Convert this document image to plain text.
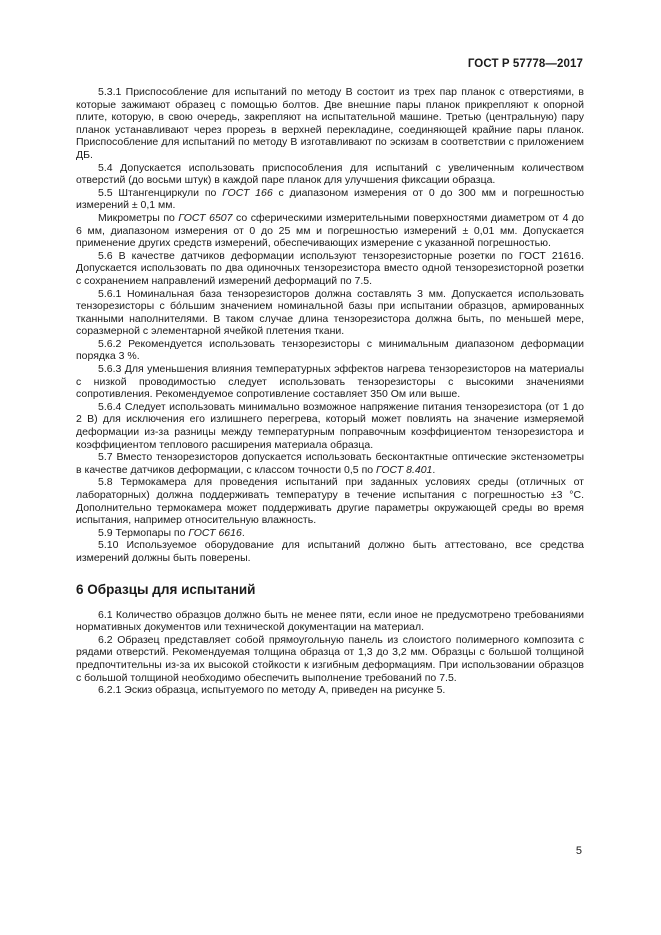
ГОСТ Р 57778—2017

5.3.1 Приспособление для испытаний по методу В состоит из трех пар планок с отверстиями, в которые зажимают образец с помощью болтов. Две внешние пары планок прикрепляют к опорной плите, которую, в свою очередь, закрепляют на испытательной машине. Третью (центральную) пару планок устанавливают через прорезь в верхней перекладине, соединяющей крайние пары планок. Приспособление для испытаний по методу В изготавливают по эскизам в соответствии с приложением ДБ.

5.4 Допускается использовать приспособления для испытаний с увеличенным количеством отверстий (до восьми штук) в каждой паре планок для улучшения фиксации образца.

5.5 Штангенциркули по ГОСТ 166 с диапазоном измерения от 0 до 300 мм и погрешностью измерений ± 0,1 мм.

Микрометры по ГОСТ 6507 со сферическими измерительными поверхностями диаметром от 4 до 6 мм, диапазоном измерения от 0 до 25 мм и погрешностью измерений ± 0,01 мм. Допускается применение других средств измерений, обеспечивающих измерение с указанной погрешностью.

5.6 В качестве датчиков деформации используют тензорезисторные розетки по ГОСТ 21616. Допускается использовать по два одиночных тензорезистора вместо одной тензорезисторной розетки с сохранением направлений измерений деформаций по 7.5.

5.6.1 Номинальная база тензорезисторов должна составлять 3 мм. Допускается использовать тензорезисторы с бо́льшим значением номинальной базы при испытании образцов, армированных тканными наполнителями. В таком случае длина тензорезистора должна быть, по меньшей мере, соразмерной с элементарной ячейкой плетения ткани.

5.6.2 Рекомендуется использовать тензорезисторы с минимальным диапазоном деформации порядка 3 %.

5.6.3 Для уменьшения влияния температурных эффектов нагрева тензорезисторов на материалы с низкой проводимостью следует использовать тензорезисторы с высокими значениями сопротивления. Рекомендуемое сопротивление составляет 350 Ом или выше.

5.6.4 Следует использовать минимально возможное напряжение питания тензорезистора (от 1 до 2 В) для исключения его излишнего перегрева, который может повлиять на значение измеряемой деформации из-за разницы между температурным поправочным коэффициентом тензорезистора и коэффициентом теплового расширения материала образца.

5.7 Вместо тензорезисторов допускается использовать бесконтактные оптические экстензометры в качестве датчиков деформации, с классом точности 0,5 по ГОСТ 8.401.

5.8 Термокамера для проведения испытаний при заданных условиях среды (отличных от лабораторных) должна поддерживать температуру в течение испытания с погрешностью ±3 °С. Дополнительно термокамера может поддерживать другие параметры окружающей среды во время испытания, например относительную влажность.

5.9 Термопары по ГОСТ 6616.

5.10 Используемое оборудование для испытаний должно быть аттестовано, все средства измерений должны быть поверены.

6 Образцы для испытаний

6.1 Количество образцов должно быть не менее пяти, если иное не предусмотрено требованиями нормативных документов или технической документации на материал.

6.2 Образец представляет собой прямоугольную панель из слоистого полимерного композита с рядами отверстий. Рекомендуемая толщина образца от 1,3 до 3,2 мм. Образцы с большой толщиной предпочтительны из-за их высокой стойкости к изгибным деформациям. При использовании образцов с большой толщиной необходимо обеспечить выполнение требований по 7.5.

6.2.1 Эскиз образца, испытуемого по методу А, приведен на рисунке 5.

5
